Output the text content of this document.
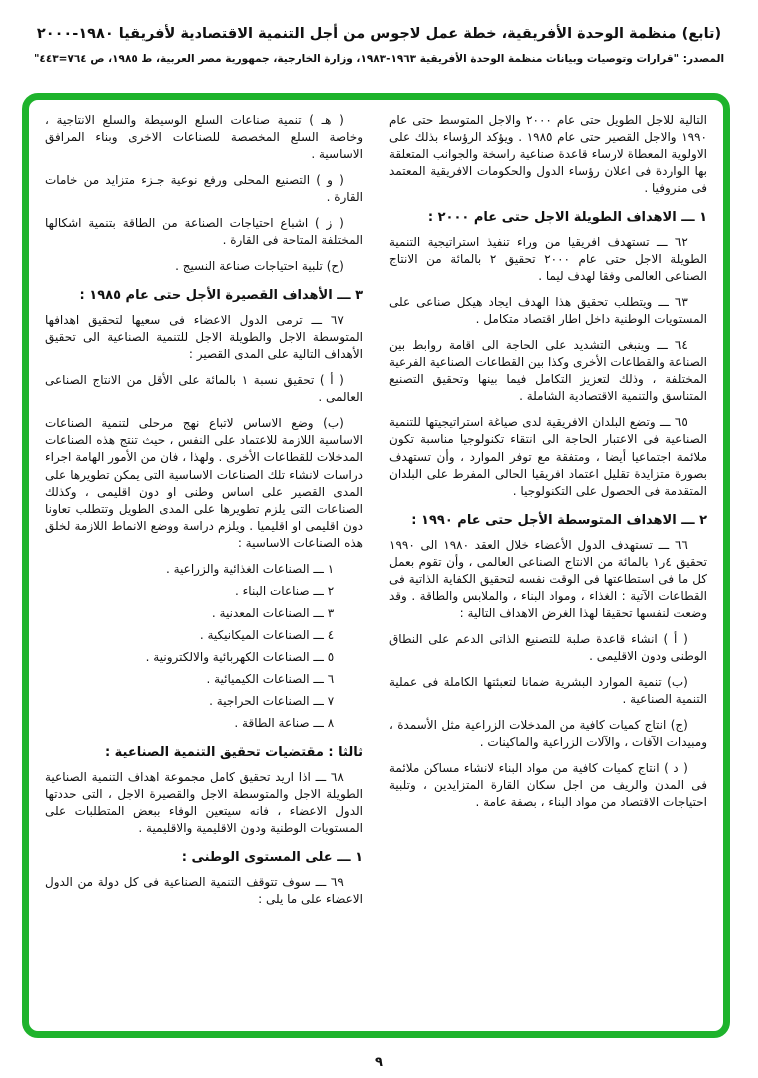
(تابع) منظمة الوحدة الأفريقية، خطة عمل لاجوس من أجل التنمية الاقتصادية لأفريقيا ١٩٨٠-٢٠٠٠
المصدر: "قرارات وتوصيات وبيانات منظمة الوحدة الأفريقية ١٩٦٣-١٩٨٣، وزارة الخارجية، جمهورية مصر العربية، ط ١٩٨٥، ص ٧٦٤=٤٤٣"

التالية للاجل الطويل حتى عام ٢٠٠٠ والاجل المتوسط حتى عام ١٩٩٠ والاجل القصير حتى عام ١٩٨٥ . ويؤكد الرؤساء بذلك على الاولوية المعطاة لارساء قاعدة صناعية راسخة والجوانب المتعلقة بها الواردة فى اعلان رؤساء الدول والحكومات الافريقية المعتمد فى منروفيا .

١ ـــ الاهداف الطويلة الاجل حتى عام ٢٠٠٠ :

٦٢ ـــ تستهدف افريقيا من وراء تنفيذ استراتيجية التنمية الطويلة الاجل حتى عام ٢٠٠٠ تحقيق ٢ بالمائة من الانتاج الصناعى العالمى وفقا لهدف ليما .

٦٣ ـــ ويتطلب تحقيق هذا الهدف ايجاد هيكل صناعى على المستويات الوطنية داخل اطار اقتصاد متكامل .

٦٤ ـــ وينبغى التشديد على الحاجة الى اقامة روابط بين الصناعة والقطاعات الأخرى وكذا بين القطاعات الصناعية الفرعية المختلفة ، وذلك لتعزيز التكامل فيما بينها وتحقيق التصنيع المتناسق والتنمية الاقتصادية الشاملة .

٦٥ ـــ وتضع البلدان الافريقية لدى صياغة استراتيجيتها للتنمية الصناعية فى الاعتبار الحاجة الى انتقاء تكنولوجيا مناسبة تكون ملائمة اجتماعيا أيضا ، ومتفقة مع توفر الموارد ، وأن تستهدف بصورة متزايدة تقليل اعتماد افريقيا الحالى المفرط على البلدان المتقدمة فى الحصول على التكنولوجيا .

٢ ـــ الاهداف المتوسطة الأجل حتى عام ١٩٩٠ :

٦٦ ـــ تستهدف الدول الأعضاء خلال العقد ١٩٨٠ الى ١٩٩٠ تحقيق ٤ر١ بالمائة من الانتاج الصناعى العالمى ، وأن تقوم بعمل كل ما فى استطاعتها فى الوقت نفسه لتحقيق الكفاية الذاتية فى القطاعات الآتية : الغذاء ، ومواد البناء ، والملابس والطاقة . وقد وضعت لنفسها تحقيقا لهذا الغرض الاهداف التالية :

( أ ) انشاء قاعدة صلبة للتصنيع الذاتى الدعم على النطاق الوطنى ودون الاقليمى .

(ب) تنمية الموارد البشرية ضمانا لتعبئتها الكاملة فى عملية التنمية الصناعية .

(ج) انتاج كميات كافية من المدخلات الزراعية مثل الأسمدة ، ومبيدات الآفات ، والآلات الزراعية والماكينات .

( د ) انتاج كميات كافية من مواد البناء لانشاء مساكن ملائمة فى المدن والريف من اجل سكان القارة المتزايدين ، وتلبية احتياجات الاقتصاد من مواد البناء ، بصفة عامة .

( هـ ) تنمية صناعات السلع الوسيطة والسلع الانتاجية ، وخاصة السلع المخصصة للصناعات الاخرى وبناء المرافق الاساسية .

( و ) التصنيع المحلى ورفع نوعية جـزء متزايد من خامات القارة .

( ز ) اشباع احتياجات الصناعة من الطاقة بتنمية اشكالها المختلفة المتاحة فى القارة .

(ح) تلبية احتياجات صناعة النسيج .

٣ ـــ الأهداف القصيرة الأجل حتى عام ١٩٨٥ :

٦٧ ـــ ترمى الدول الاعضاء فى سعيها لتحقيق اهدافها المتوسطة الاجل والطويلة الاجل للتنمية الصناعية الى تحقيق الأهداف التالية على المدى القصير :

( أ ) تحقيق نسبة ١ بالمائة على الأقل من الانتاج الصناعى العالمى .

(ب) وضع الاساس لاتباع نهج مرحلى لتنمية الصناعات الاساسية اللازمة للاعتماد على النفس ، حيث تنتج هذه الصناعات المدخلات للقطاعات الأخرى . ولهذا ، فان من الأمور الهامة اجراء دراسات لانشاء تلك الصناعات الاساسية التى يمكن تطويرها على المدى القصير على اساس وطنى او دون اقليمى ، وكذلك الصناعات التى يلزم تطويرها على المدى الطويل وتتطلب تعاونا دون اقليمى او اقليميا . ويلزم دراسة ووضع الانماط اللازمة لخلق هذه الصناعات الاساسية :

١ ـــ الصناعات الغذائية والزراعية .

٢ ـــ صناعات البناء .

٣ ـــ الصناعات المعدنية .

٤ ـــ الصناعات الميكانيكية .

٥ ـــ الصناعات الكهربائية والالكترونية .

٦ ـــ الصناعات الكيميائية .

٧ ـــ الصناعات الحراجية .

٨ ـــ صناعة الطاقة .

ثالثا : مقتضيات تحقيق التنمية الصناعية :

٦٨ ـــ اذا اريد تحقيق كامل مجموعة اهداف التنمية الصناعية الطويلة الاجل والمتوسطة الاجل والقصيرة الاجل ، التى حددتها الدول الاعضاء ، فانه سيتعين الوفاء ببعض المتطلبات على المستويات الوطنية ودون الاقليمية والاقليمية .

١ ـــ على المستوى الوطنى :

٦٩ ـــ سوف تتوقف التنمية الصناعية فى كل دولة من الدول الاعضاء على ما يلى :

٩
